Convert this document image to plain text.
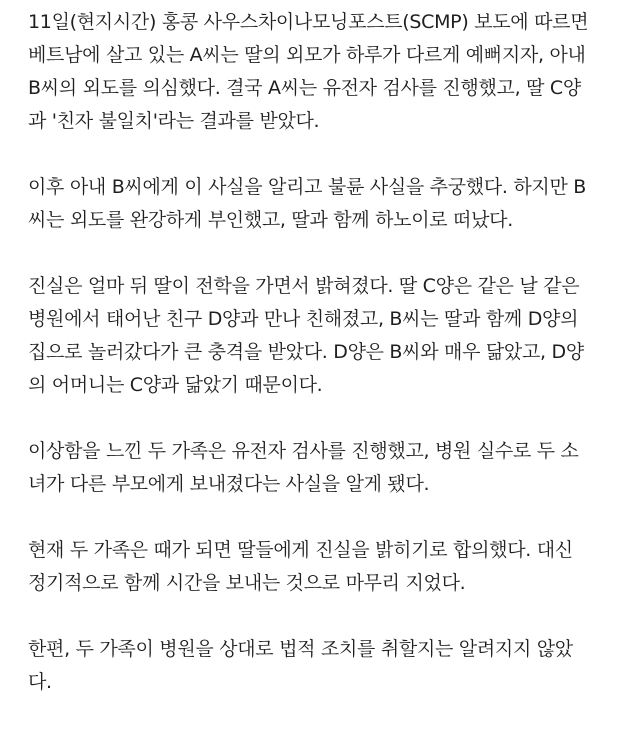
11일(현지시간) 홍콩 사우스차이나모닝포스트(SCMP) 보도에 따르면
베트남에 살고 있는 A씨는 딸의 외모가 하루가 다르게 예뻐지자, 아내
B씨의 외도를 의심했다. 결국 A씨는 유전자 검사를 진행했고, 딸 C양
과 '친자 불일치'라는 결과를 받았다.

이후 아내 B씨에게 이 사실을 알리고 불륜 사실을 추궁했다. 하지만 B
씨는 외도를 완강하게 부인했고, 딸과 함께 하노이로 떠났다.

진실은 얼마 뒤 딸이 전학을 가면서 밝혀졌다. 딸 C양은 같은 날 같은
병원에서 태어난 친구 D양과 만나 친해졌고, B씨는 딸과 함께 D양의
집으로 놀러갔다가 큰 충격을 받았다. D양은 B씨와 매우 닮았고, D양
의 어머니는 C양과 닮았기 때문이다.

이상함을 느낀 두 가족은 유전자 검사를 진행했고, 병원 실수로 두 소
녀가 다른 부모에게 보내졌다는 사실을 알게 됐다.

현재 두 가족은 때가 되면 딸들에게 진실을 밝히기로 합의했다. 대신
정기적으로 함께 시간을 보내는 것으로 마무리 지었다.

한편, 두 가족이 병원을 상대로 법적 조치를 취할지는 알려지지 않았
다.
